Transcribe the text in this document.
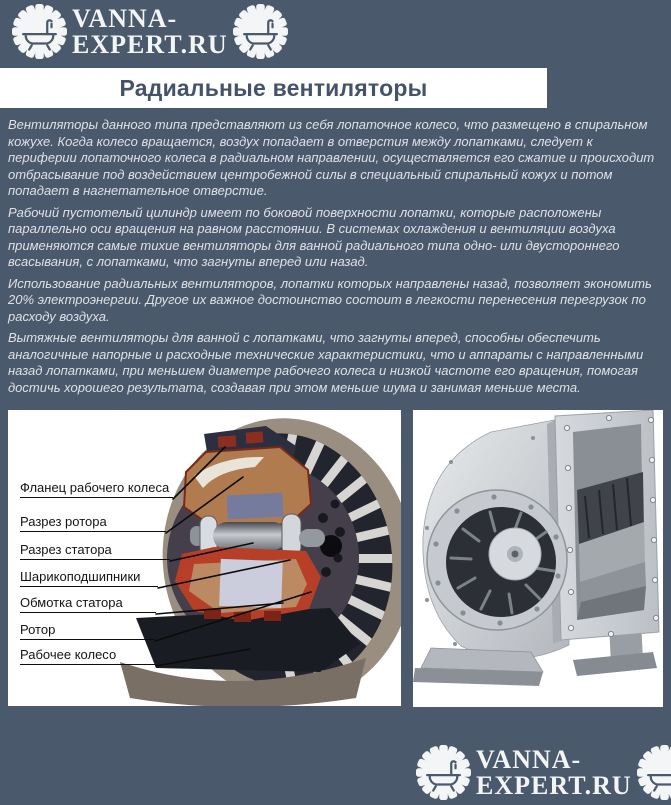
VANNA-
EXPERT.RU
Радиальные вентиляторы

Вентиляторы данного типа представляют из себя лопаточное колесо, что размещено в спиральном кожухе. Когда колесо вращается, воздух попадает в отверстия между лопатками, следует к периферии лопаточного колеса в радиальном направлении, осуществляется его сжатие и происходит отбрасывание под воздействием центробежной силы в специальный спиральный кожух и потом попадает в нагнетательное отверстие.

Рабочий пустотелый цилиндр имеет по боковой поверхности лопатки, которые расположены параллельно оси вращения на равном расстоянии. В системах охлаждения и вентиляции воздуха применяются самые тихие вентиляторы для ванной радиального типа одно- или двустороннего всасывания, с лопатками, что загнуты вперед или назад.

Использование радиальных вентиляторов, лопатки которых направлены назад, позволяет экономить 20% электроэнергии. Другое их важное достоинство состоит в легкости перенесения перегрузок по расходу воздуха.

Вытяжные вентиляторы для ванной с лопатками, что загнуты вперед, способны обеспечить аналогичные напорные и расходные технические характеристики, что и аппараты с направленными назад лопатками, при меньшем диаметре рабочего колеса и низкой частоте его вращения, помогая достичь хорошего результата, создавая при этом меньше шума и занимая меньше места.

Фланец рабочего колеса
Разрез ротора
Разрез статора
Шарикоподшипники
Обмотка статора
Ротор
Рабочее колесо
VANNA-
EXPERT.RU
